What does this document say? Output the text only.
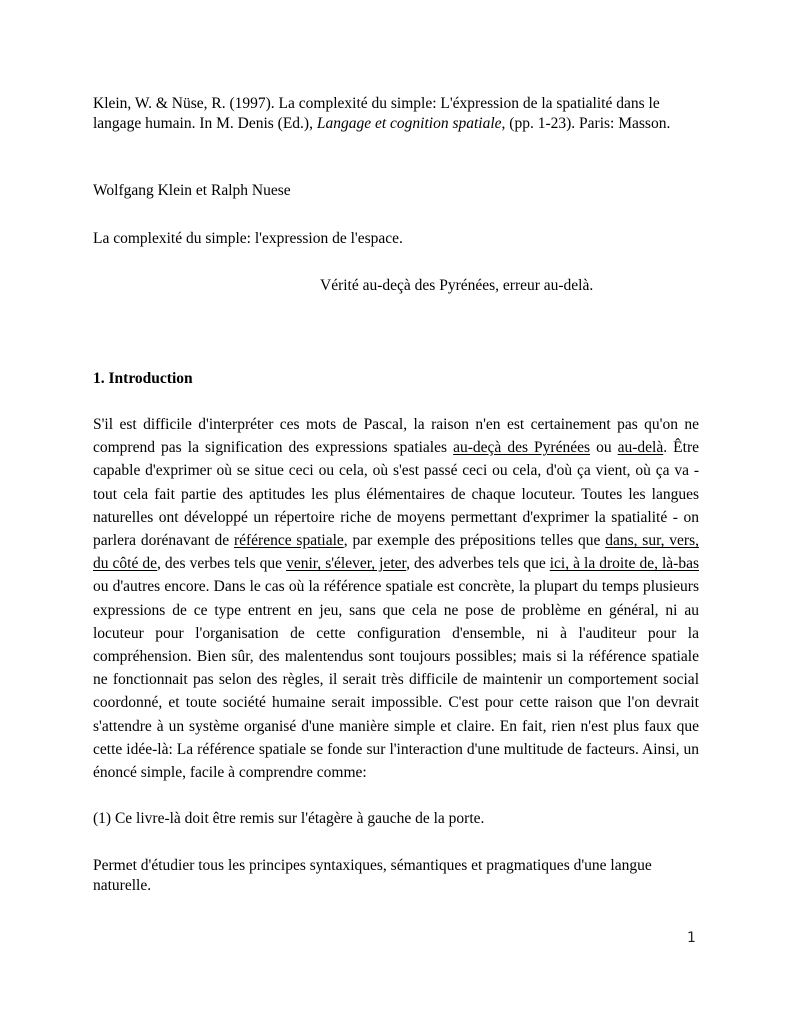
Klein, W. & Nüse, R. (1997). La complexité du simple: L'éxpression de la spatialité dans le langage humain. In M. Denis (Ed.), Langage et cognition spatiale, (pp. 1-23). Paris: Masson.
Wolfgang Klein et Ralph Nuese
La complexité du simple: l'expression de l'espace.
Vérité au-deçà des Pyrénées, erreur au-delà.
1. Introduction
S'il est difficile d'interpréter ces mots de Pascal, la raison n'en est certainement pas qu'on ne comprend pas la signification des expressions spatiales au-deçà des Pyrénées ou au-delà. Être capable d'exprimer où se situe ceci ou cela, où s'est passé ceci ou cela, d'où ça vient, où ça va - tout cela fait partie des aptitudes les plus élémentaires de chaque locuteur. Toutes les langues naturelles ont développé un répertoire riche de moyens permettant d'exprimer la spatialité - on parlera dorénavant de référence spatiale, par exemple des prépositions telles que dans, sur, vers, du côté de, des verbes tels que venir, s'élever, jeter, des adverbes tels que ici, à la droite de, là-bas ou d'autres encore. Dans le cas où la référence spatiale est concrète, la plupart du temps plusieurs expressions de ce type entrent en jeu, sans que cela ne pose de problème en général, ni au locuteur pour l'organisation de cette configuration d'ensemble, ni à l'auditeur pour la compréhension. Bien sûr, des malentendus sont toujours possibles; mais si la référence spatiale ne fonctionnait pas selon des règles, il serait très difficile de maintenir un comportement social coordonné, et toute société humaine serait impossible. C'est pour cette raison que l'on devrait s'attendre à un système organisé d'une manière simple et claire. En fait, rien n'est plus faux que cette idée-là: La référence spatiale se fonde sur l'interaction d'une multitude de facteurs. Ainsi, un énoncé simple, facile à comprendre comme:
(1) Ce livre-là doit être remis sur l'étagère à gauche de la porte.
Permet d'étudier tous les principes syntaxiques, sémantiques et pragmatiques d'une langue naturelle.
1
